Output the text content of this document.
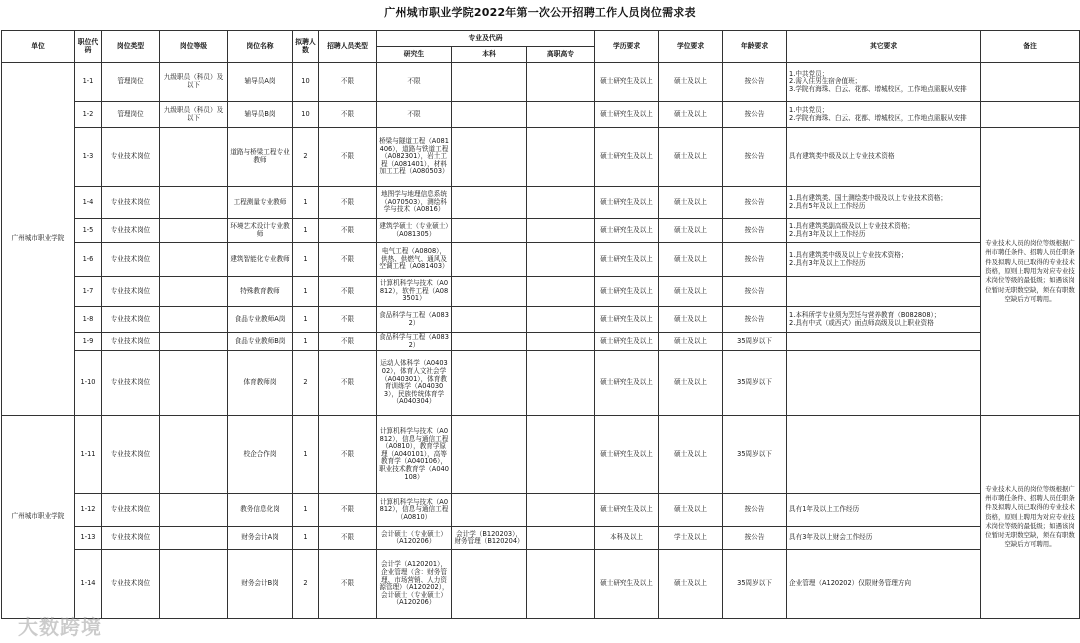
广州城市职业学院2022年第一次公开招聘工作人员岗位需求表
单位	职位代码	岗位类型	岗位等级	岗位名称	拟聘人数	招聘人员类型	专业及代码			学历要求	学位要求	年龄要求	其它要求	备注
							研究生	本科	高职高专					
广州城市职业学院	1-1	管理岗位	九级职员（科员）及以下	辅导员A岗	10	不限	不限			硕士研究生及以上	硕士及以上	按公告	1.中共党员；
2.需入住男生宿舍值班；
3.学院有海珠、白云、花都、增城校区，工作地点需服从安排	
	1-2	管理岗位	九级职员（科员）及以下	辅导员B岗	10	不限	不限			硕士研究生及以上	硕士及以上	按公告	1.中共党员；
2.学院有海珠、白云、花都、增城校区，工作地点需服从安排	
	1-3	专业技术岗位		道路与桥梁工程专业教师	2	不限	桥梁与隧道工程（A081406），道路与铁道工程（A082301），岩土工程（A081401），材料加工工程（A080503）			硕士研究生及以上	硕士及以上	按公告	具有建筑类中级及以上专业技术资格	专业技术人员的岗位等级根据广州市聘任条件、招聘人员任职条件及拟聘人员已取得的专业技术资格，原则上聘用为对应专业技术岗位等级的最低级；如遇该岗位暂时无职数空缺，须在有职数空缺后方可聘用。
	1-4	专业技术岗位		工程测量专业教师	1	不限	地图学与地理信息系统（A070503），测绘科学与技术（A0816）			硕士研究生及以上	硕士及以上	按公告	1.具有建筑类、国土测绘类中级及以上专业技术资格；
2.具有5年及以上工作经历	
	1-5	专业技术岗位		环境艺术设计专业教师	1	不限	建筑学硕士（专业硕士）（A081305）			硕士研究生及以上	硕士及以上	按公告	1.具有建筑类副高级及以上专业技术资格；
2.具有3年及以上工作经历	
	1-6	专业技术岗位		建筑智能化专业教师	1	不限	电气工程（A0808），供热、供燃气、通风及空调工程（A081403）			硕士研究生及以上	硕士及以上	按公告	1.具有建筑类中级及以上专业技术资格；
2.具有3年及以上工作经历	
	1-7	专业技术岗位		特殊教育教师	1	不限	计算机科学与技术（A0812），软件工程（A083501）			硕士研究生及以上	硕士及以上	按公告		
	1-8	专业技术岗位		食品专业教师A岗	1	不限	食品科学与工程（A0832）			硕士研究生及以上	硕士及以上	按公告	1.本科所学专业须为烹饪与营养教育（B082808）；
2.具有中式（或西式）面点师高级及以上职业资格	
	1-9	专业技术岗位		食品专业教师B岗	1	不限	食品科学与工程（A0832）			硕士研究生及以上	硕士及以上	35周岁以下		
	1-10	专业技术岗位		体育教师岗	2	不限	运动人体科学（A040302），体育人文社会学（A040301），体育教育训练学（A040303），民族传统体育学（A040304）			硕士研究生及以上	硕士及以上	35周岁以下		
广州城市职业学院	1-11	专业技术岗位		校企合作岗	1	不限	计算机科学与技术（A0812），信息与通信工程（A0810），教育学原理（A040101），高等教育学（A040106），职业技术教育学（A040108）			硕士研究生及以上	硕士及以上	35周岁以下		专业技术人员的岗位等级根据广州市聘任条件、招聘人员任职条件及拟聘人员已取得的专业技术资格，原则上聘用为对应专业技术岗位等级的最低级；如遇该岗位暂时无职数空缺，须在有职数空缺后方可聘用。
	1-12	专业技术岗位		教务信息化岗	1	不限	计算机科学与技术（A0812），信息与通信工程（A0810）			硕士研究生及以上	硕士及以上	按公告	具有1年及以上工作经历	
	1-13	专业技术岗位		财务会计A岗	1	不限	会计硕士（专业硕士）（A120206）	会计学（B120203），财务管理（B120204）		本科及以上	学士及以上	按公告	具有3年及以上财会工作经历	
	1-14	专业技术岗位		财务会计B岗	2	不限	会计学（A120201），企业管理（含：财务管理、市场营销、人力资源管理）（A120202），会计硕士（专业硕士）（A120206）			硕士研究生及以上	硕士及以上	35周岁以下	企业管理（A120202）仅限财务管理方向	
大数跨境
